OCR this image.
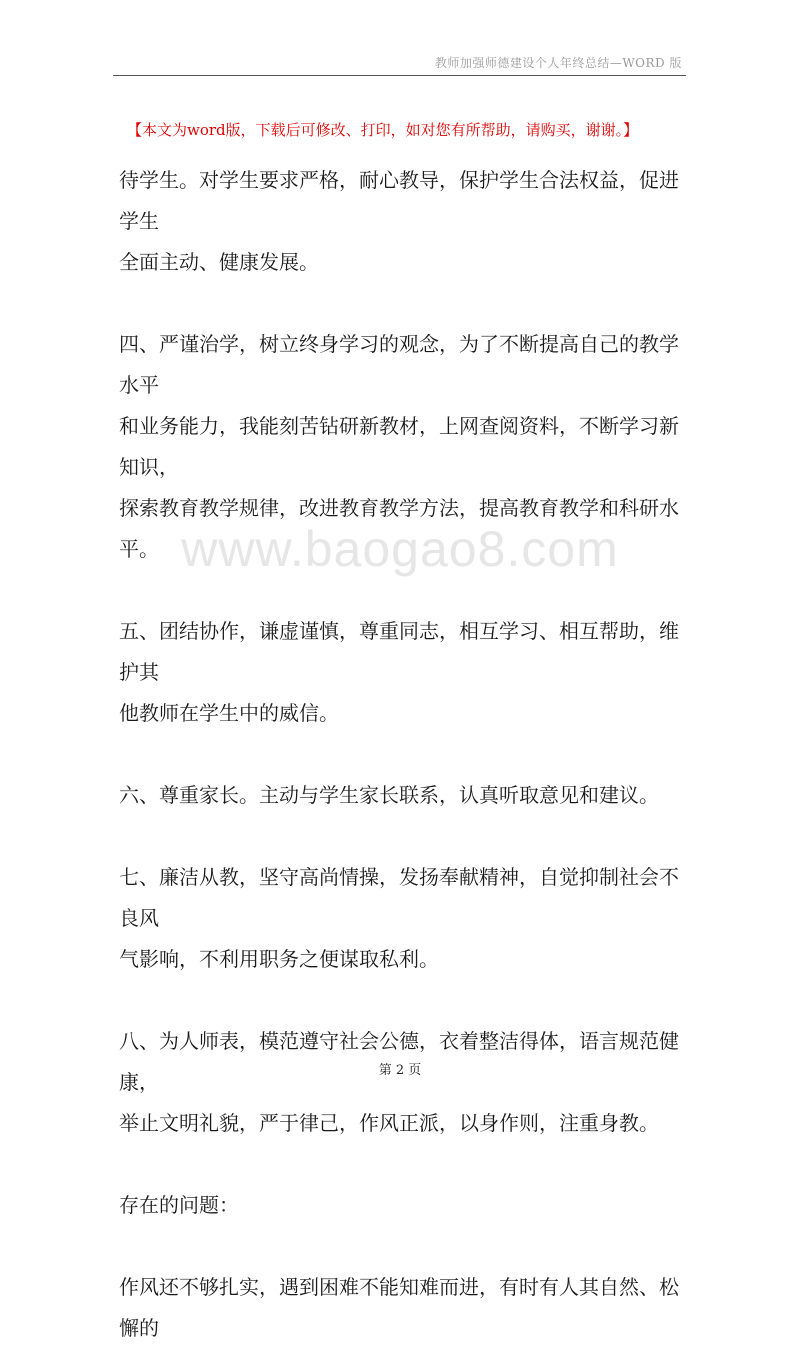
教师加强师德建设个人年终总结—WORD 版
【本文为word版，下载后可修改、打印，如对您有所帮助，请购买，谢谢。】
www.baogao8.com
待学生。对学生要求严格，耐心教导，保护学生合法权益，促进学生
全面主动、健康发展。
四、严谨治学，树立终身学习的观念，为了不断提高自己的教学水平
和业务能力，我能刻苦钻研新教材，上网查阅资料，不断学习新知识，
探索教育教学规律，改进教育教学方法，提高教育教学和科研水平。
五、团结协作，谦虚谨慎，尊重同志，相互学习、相互帮助，维护其
他教师在学生中的威信。
六、尊重家长。主动与学生家长联系，认真听取意见和建议。
七、廉洁从教，坚守高尚情操，发扬奉献精神，自觉抑制社会不良风
气影响，不利用职务之便谋取私利。
八、为人师表，模范遵守社会公德，衣着整洁得体，语言规范健康，
举止文明礼貌，严于律己，作风正派，以身作则，注重身教。
存在的问题：
作风还不够扎实，遇到困难不能知难而进，有时有人其自然、松懈的
第 2 页
